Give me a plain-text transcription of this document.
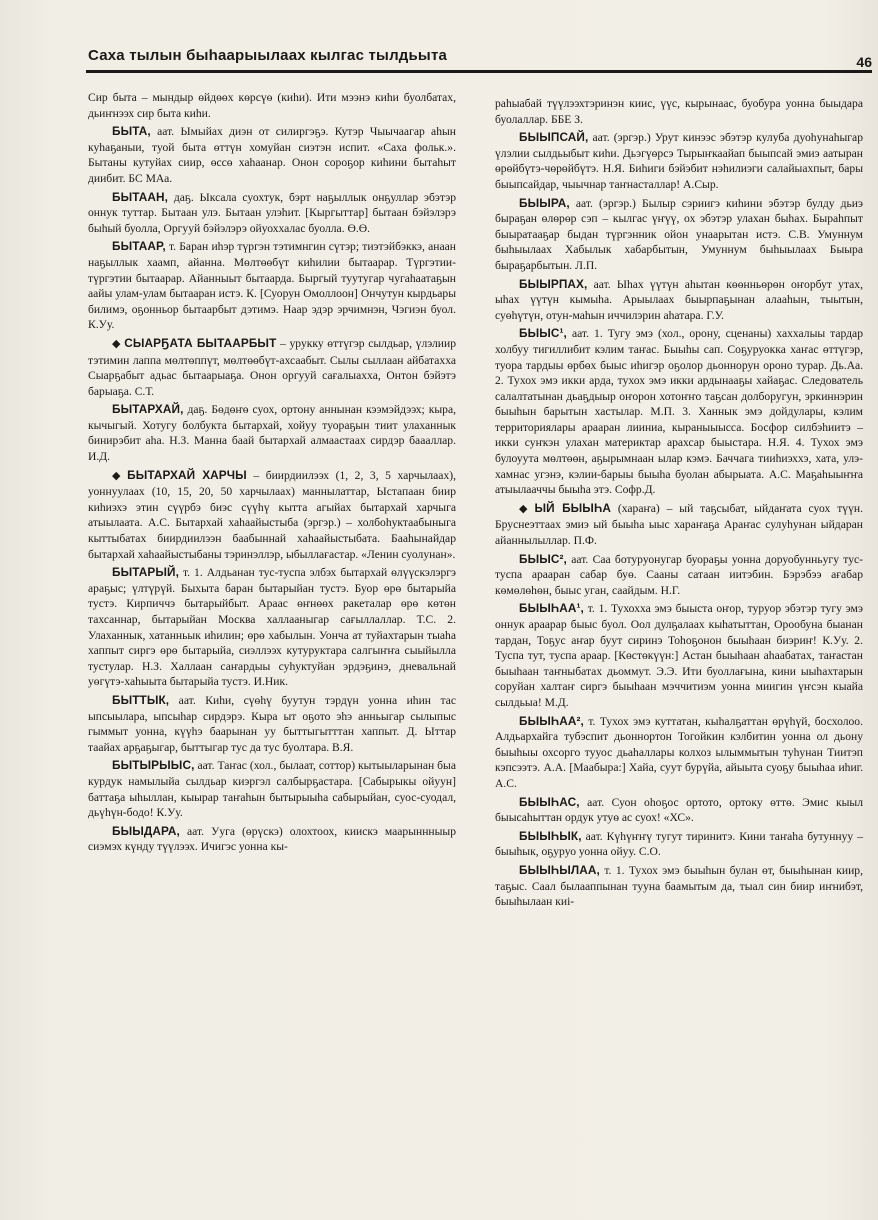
Саха тылын быһаарыылаах кылгас тылдьыта	46

Сир быта – мындыр өйдөөх көрсүө (киһи). Ити мээнэ киһи буолбатах, дьиҥнээх сир быта киһи.

БЫТА, аат. Ымыйах диэн от силиргэҕэ. Кутэр Чыычаагар аһын куһаҕаныи, туой быта өттүн хомуйан сиэтэн испит. «Саха фольк.». Бытаны кутуйах сиир, өссө хаһаанар. Онон сороҕор киһини бытаһыт диибит. БС МАа.

БЫТААН, даҕ. Ыксала суохтук, бэрт наҕыллык онҕуллар эбэтэр оннук туттар. Бытаан улэ. Бытаан улэһит. [Кыргыттар] бытаан бэйэлэрэ быһый буолла, Оргууй бэйэлэрэ ойуоххалас буолла. Ө.Ө.

БЫТААР, т. Баран иһэр түргэн тэтимнгин сүтэр; тиэтэйбэккэ, анаан наҕыллык хаамп, айанна. Мөлтөөбүт киһилии бытаарар. Түргэтии-түргэтии бытаарар. Айанныыт бытаарда. Быргый туутугар чугаһаатаҕын аайы улам-улам бытааран истэ. К. [Суорун Омоллоон] Ончутун кырдьары билимэ, оҕонньор бытаарбыт дэтимэ. Наар эдэр эрчимнэн, Чэгиэн буол. К.Уу.

◆ СЫАРҔАТА БЫТААРБЫТ – урукку өттүгэр сылдьар, үлэлиир тэтимин лаппа мөлтөппүт, мөлтөөбүт-ахсаабыт. Сылы сыллаан айбатахха Сыарҕабыт адьас бытаарыаҕа. Онон оргууй сағалыахха, Онтон бэйэтэ барыаҕа. С.Т.

БЫТАРХАЙ, даҕ. Бөдөҥө суох, ортону аннынан кээмэйдээх; кыра, кычыгый. Хотугу болбукта бытархай, хойуу туораҕын тиит улаханнык бинирэбит аһа. Н.З. Манна баай бытархай алмаастаах сирдэр баааллар. И.Д.

◆ БЫТАРХАЙ ХАРЧЫ – биирдиилээх (1, 2, 3, 5 харчылаах), уоннуулаах (10, 15, 20, 50 харчылаах) маннылаттар, Ыстапаан биир киһиэхэ этин сүүрбэ биэс сүүһү кытта агыйах бытархай харчыга атыылаата. А.С. Бытархай хаһаайыстыба (эргэр.) – холбоһуктаабыныга кыттыбатах биирдиилээн баабыннай хаһаайыстыбата. Бааһынайдар бытархай хаһаайыстыбаны тэринэллэр, ыбыллағастар. «Ленин суолунан».

БЫТАРЫЙ, т. 1. Алдьанан тус-туспа элбэх бытархай өлүүскэлэргэ араҕыс; үлтүрүй. Быхыта баран бытарыйан тустэ. Буор өрө бытарыйа тустэ. Кирпиччэ бытарыйбыт. Араас өҥнөөх ракеталар өрө көтөн тахсаннар, бытарыйан Москва халлааныгар сағыллаллар. Т.С. 2. Улаханнык, хатанньык иһилин; өрө хабылын. Уонча ат туйахтарын тыаһа хаппыт сиргэ өрө бытарыйа, сиэллээх кутуруктара салгыҥҥа сыыйылла тустулар. Н.З. Халлаан саҥардыы суһуктуйан эрдэҕинэ, дневальнай уөгүтэ-хаһыыта бытарыйа тустэ. И.Ник.

БЫТТЫК, аат. Киһи, сүөһү буутун тэрдүн уонна иһин тас ыпсыылара, ыпсыһар сирдэрэ. Кыра ыт оҕото эһэ анньыгар сылыпыс гыммыт уонна, күүһэ баарынан уу быттыгытттан хаппыт. Д. Ыттар таайах арҕаҕыгар, быттыгар тус да тус буолтара. В.Я.

БЫТЫРЫЫС, аат. Таҥас (хол., былаат, соттор) кытыыларынан быа курдук намылыйа сылдьар киэргэл салбырҕастара. [Сабырыкы ойуун] баттаҕа ыһыллан, кыырар таҥаһын бытырыыһа сабырыйан, суос-суодал, дьүһүн-бодо! К.Уу.

БЫЫДАРА, аат. Ууга (өрүскэ) олохтоох, киискэ маарыннныыр сиэмэх күнду түүлээх. Ичигэс уонна кы-

раһыабай түүлээхтэринэн киис, үүс, кырынаас, буобура уонна быыдара буолаллар. ББЕ З.

БЫЫПСАЙ, аат. (эргэр.) Урут кинээс эбэтэр кулуба дуоһунаһыгар үлэлии сылдьыбыт киһи. Дьэгүөрсэ Тырыҥкаайап быыпсай эмиэ аатыран өрөйбүтэ-чөрөйбүтэ. Н.Я. Биһиги бэйэбит нэһилиэги салайыахпыт, бары быыпсайдар, чыычнар таҥнасталлар! А.Сыр.

БЫЫРА, аат. (эргэр.) Былыр сэриигэ киһини эбэтэр булду дьиэ быраҕан өлөрөр сэп – кылгас үҥүү, ох эбэтэр улахан быһах. Быраһпыт быыратааҕар быдан түргэнник ойон унаарытан истэ. С.В. Умуннум быһыылаах Хабылык хабарбытын, Умуннум быһыылаах Быыра быраҕарбытын. Л.П.

БЫЫРПАХ, аат. Ыhах үүтүн аһытан көөнньөрөн оҥорбут утах, ыhах үүтүн кымыһа. Арыылаах быырпаҕынан алааһын, тыытын, суөһүтүн, отун-маһын иччилэрин аһатара. Г.У.

БЫЫС¹, аат. 1. Тугу эмэ (хол., орону, сценаны) хаххалыы тардар холбуу тигиллибит кэлим таҥас. Быыһы сап. Соҕуруокка хаҥас өттүгэр, туора тардыы өрбөх быыс иһигэр оҕолор дьоннорун ороно турар. Дь.Аа. 2. Тухох эмэ икки арда, тухох эмэ икки ардынааҕы хайаҕас. Следователь салалтатынан дьаҕдыыр оҥорон хотоҥҥо таҕсан долборугун, эркиннэрин быыһын барытын хастылар. М.П. 3. Ханнык эмэ дойдулары, кэлим территориялары арааран лииниа, кыраныыысса. Босфор силбэһиитэ – икки суҥкэн улахан материктар арахсар быыстара. Н.Я. 4. Тухох эмэ булоуута мөлтөөн, аҕырымнаан ылар кэмэ. Баччага тииһиэххэ, хата, улэ-хамнас угэнэ, кэлии-барыы быыһа буолан абырыата. А.С. Маҕаһыыҥҥа атыылааччы быыһа этэ. Софр.Д.

◆ ЫЙ БЫЫҺА (хараҥа) – ый таҕсыбат, ыйдаҥата суох түүн. Бруснеэттаах эмиэ ый быыһа ыыс хараҥаҕа Араҥас сулуһунан ыйдаран айаннылыллар. П.Ф.

БЫЫС², аат. Саа ботуруонугар буораҕы уонна доруобунньугу тус-туспа арааран сабар буө. Сааны сатаан иитэбин. Бэрэбээ ағабар көмөлөһөн, быыс уган, саайдым. Н.Г.

БЫЫҺАА¹, т. 1. Тухохха эмэ быыста оҥор, туруор эбэтэр тугу эмэ оннук араарар быыс буол. Оол дулҕалаах кыһатыттан, Орообуна быанан тардан, Тоҕус аҥар буут сиринэ Тоһоҕонон быыһаан биэриҥ! К.Уу. 2. Туспа тут, туспа араар. [Көстөкүүн:] Астан быыһаан аһаабатах, таҥастан быыһаан таҥныбатах дьоммут. Э.Э. Ити буоллағына, кини ыыһахтарын соруйан халтаҥ сиргэ быыһаан мэччитиэм уонна миигин үҥсэн кыайа сылдьыа! М.Д.

БЫЫҺАА², т. Тухох эмэ куттатан, кыһалҕаттан өрүһүй, босхолоо. Алдьархайга тубэспит дьоннортон Тогойкин кэлбитин уонна ол дьону быыһыы охсорго тууос дьаһаллары колхоз ылыммытын туһунан Тиитэп кэпсээтэ. А.А. [Маабыра:] Хайа, суут бурүйа, айыыта суоҕу быыһаа иһиг. А.С.

БЫЫҺАС, аат. Суон оһоҕос ортото, ортоку өттө. Эмис кыыл быысаһыттан ордук утуө ас суох! «ХС».

БЫЫҺЫК, аат. Күһүҥҥү тугут тиринитэ. Кини таҥаһа бутуннуу – быыһык, оҕуруо уонна ойуу. С.О.

БЫЫҺЫЛАА, т. 1. Тухох эмэ быыһын булан өт, быыһынан киир, таҕыс. Саал былааппынан тууна баамытым да, тыал син биир иҥнибэт, быыһылаан киi-
